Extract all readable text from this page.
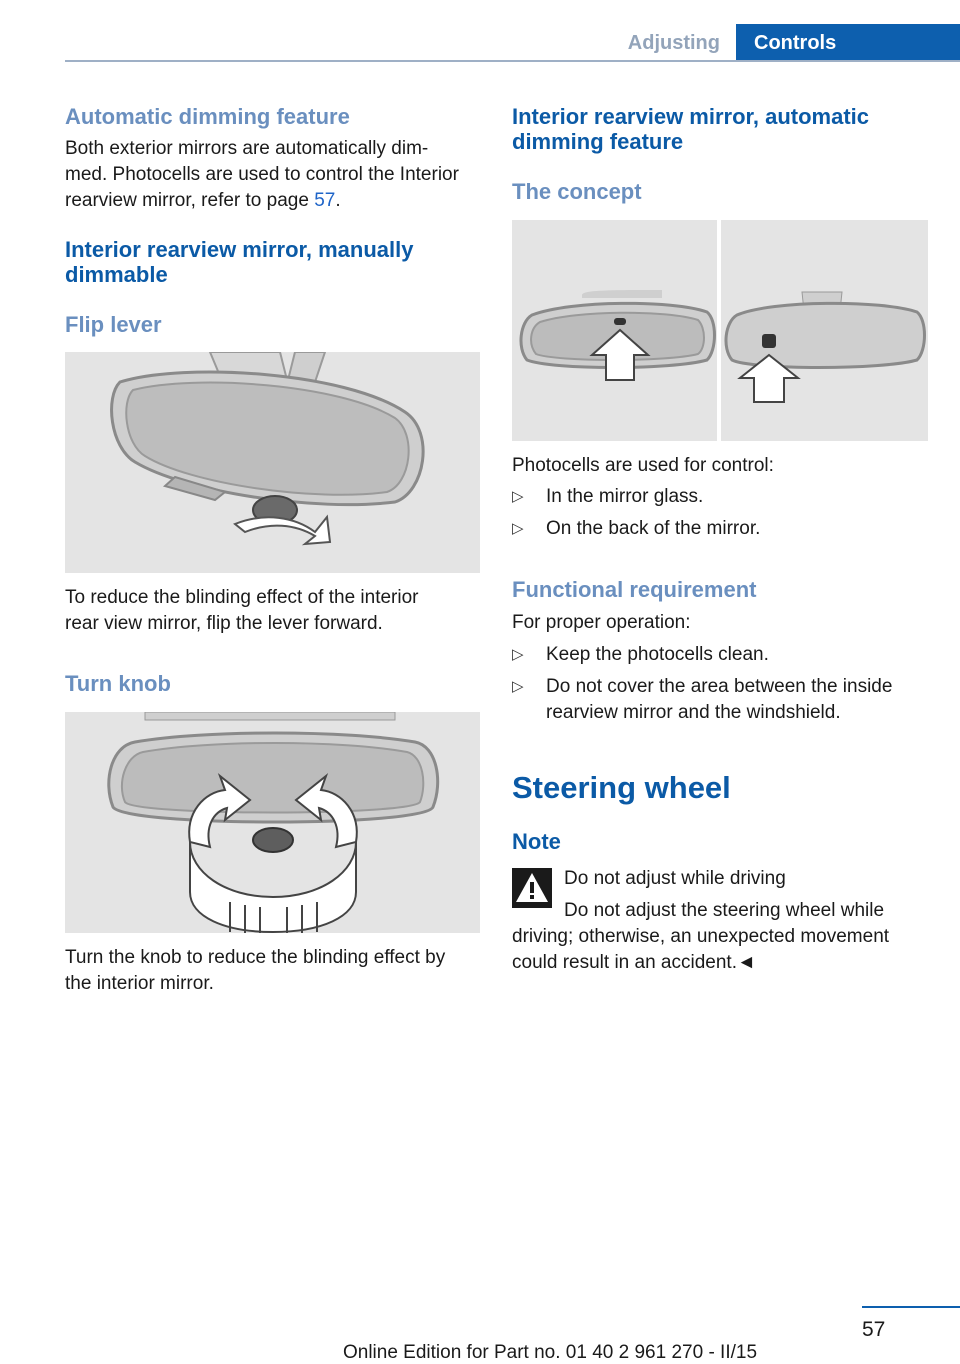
Adjusting	Controls
Automatic dimming feature
Both exterior mirrors are automatically dim‐
med. Photocells are used to control the Interior
rearview mirror, refer to page 57.
Interior rearview mirror, manually
dimmable
Flip lever
To reduce the blinding effect of the interior
rear view mirror, flip the lever forward.
Turn knob
Turn the knob to reduce the blinding effect by
the interior mirror.
Interior rearview mirror, automatic
dimming feature
The concept
Photocells are used for control:
▷	In the mirror glass.
▷	On the back of the mirror.
Functional requirement
For proper operation:
▷	Keep the photocells clean.
▷	Do not cover the area between the inside
rearview mirror and the windshield.
Steering wheel
Note
Do not adjust while driving
Do not adjust the steering wheel while
driving; otherwise, an unexpected movement
could result in an accident.◄
57
Online Edition for Part no. 01 40 2 961 270 - II/15
